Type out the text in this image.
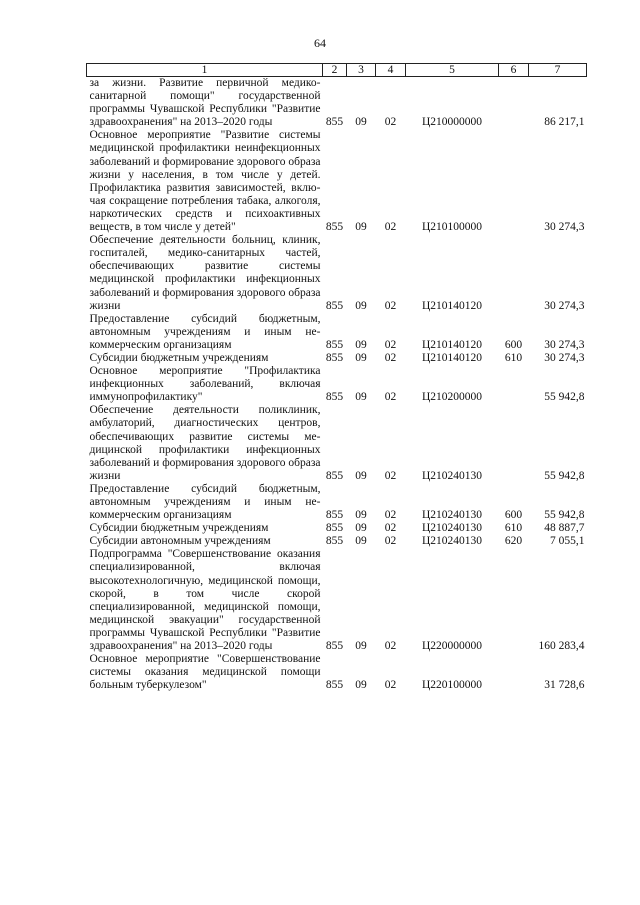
64
1	2	3	4	5	6	7
за жизни. Развитие первичной медико-санитарной помощи" государственной программы Чувашской Республики "Развитие здравоохранения" на 2013–2020 годы	855	09	02	Ц210000000		86 217,1
Основное мероприятие "Развитие системы медицинской профилактики неинфекционных заболеваний и формирование здорового образа жизни у населения, в том числе у детей. Профилактика развития зависимостей, включая сокращение потребления табака, алкоголя, наркотических средств и психоактивных веществ, в том числе у детей"	855	09	02	Ц210100000		30 274,3
Обеспечение деятельности больниц, клиник, госпиталей, медико-санитарных частей, обеспечивающих развитие системы медицинской профилактики инфекционных заболеваний и формирования здорового образа жизни	855	09	02	Ц210140120		30 274,3
Предоставление субсидий бюджетным, автономным учреждениям и иным некоммерческим организациям	855	09	02	Ц210140120	600	30 274,3
Субсидии бюджетным учреждениям	855	09	02	Ц210140120	610	30 274,3
Основное мероприятие "Профилактика инфекционных заболеваний, включая иммунопрофилактику"	855	09	02	Ц210200000		55 942,8
Обеспечение деятельности поликлиник, амбулаторий, диагностических центров, обеспечивающих развитие системы медицинской профилактики инфекционных заболеваний и формирования здорового образа жизни	855	09	02	Ц210240130		55 942,8
Предоставление субсидий бюджетным, автономным учреждениям и иным некоммерческим организациям	855	09	02	Ц210240130	600	55 942,8
Субсидии бюджетным учреждениям	855	09	02	Ц210240130	610	48 887,7
Субсидии автономным учреждениям	855	09	02	Ц210240130	620	7 055,1
Подпрограмма "Совершенствование оказания специализированной, включая высокотехнологичную, медицинской помощи, скорой, в том числе скорой специализированной, медицинской помощи, медицинской эвакуации" государственной программы Чувашской Республики "Развитие здравоохранения" на 2013–2020 годы	855	09	02	Ц220000000		160 283,4
Основное мероприятие "Совершенствование системы оказания медицинской помощи больным туберкулезом"	855	09	02	Ц220100000		31 728,6
